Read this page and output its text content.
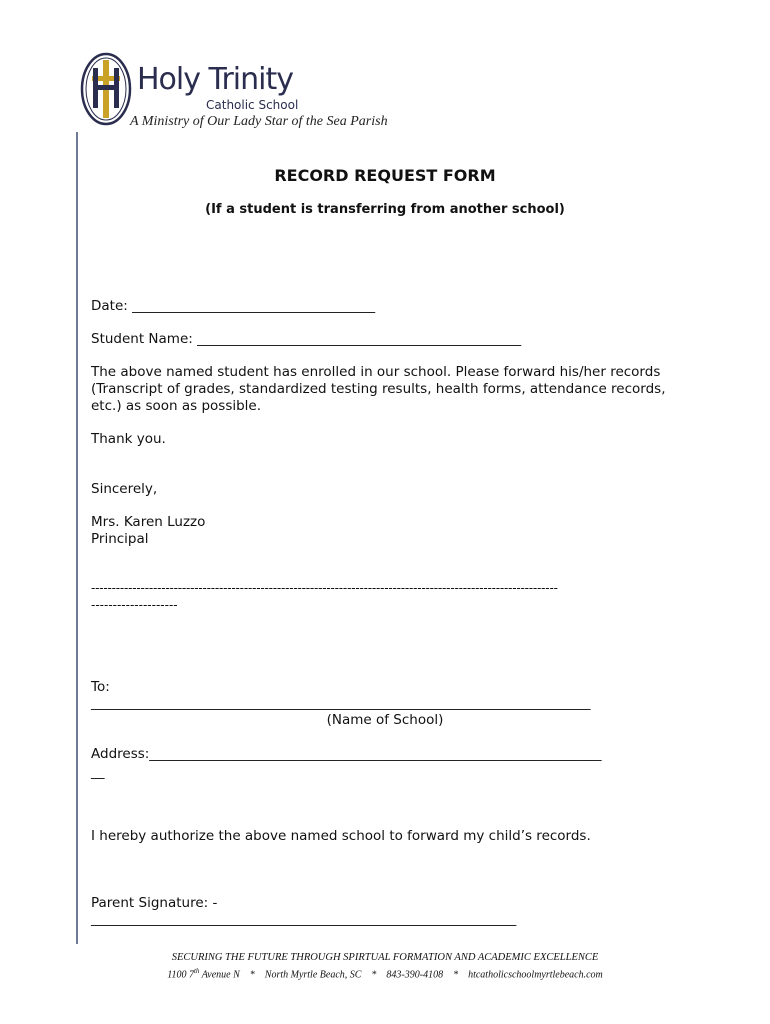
Holy Trinity
Catholic School
A Ministry of Our Lady Star of the Sea Parish
RECORD REQUEST FORM
(If a student is transferring from another school)
Date: ____________________________________
Student Name: ________________________________________________
The above named student has enrolled in our school. Please forward his/her records (Transcript of grades, standardized testing results, health forms, attendance records, etc.) as soon as possible.
Thank you.
Sincerely,
Mrs. Karen Luzzo
Principal
-----------------------------------------------------------------------------------------------------------------
--------------------
To:
__________________________________________________________________________
(Name of School)
Address:___________________________________________________________________
__
I hereby authorize the above named school to forward my child’s records.
Parent Signature: -
_______________________________________________________________
SECURING THE FUTURE THROUGH SPIRTUAL FORMATION AND ACADEMIC EXCELLENCE
1100 7th Avenue N    *    North Myrtle Beach, SC    *    843-390-4108    *    htcatholicschoolmyrtlebeach.com
